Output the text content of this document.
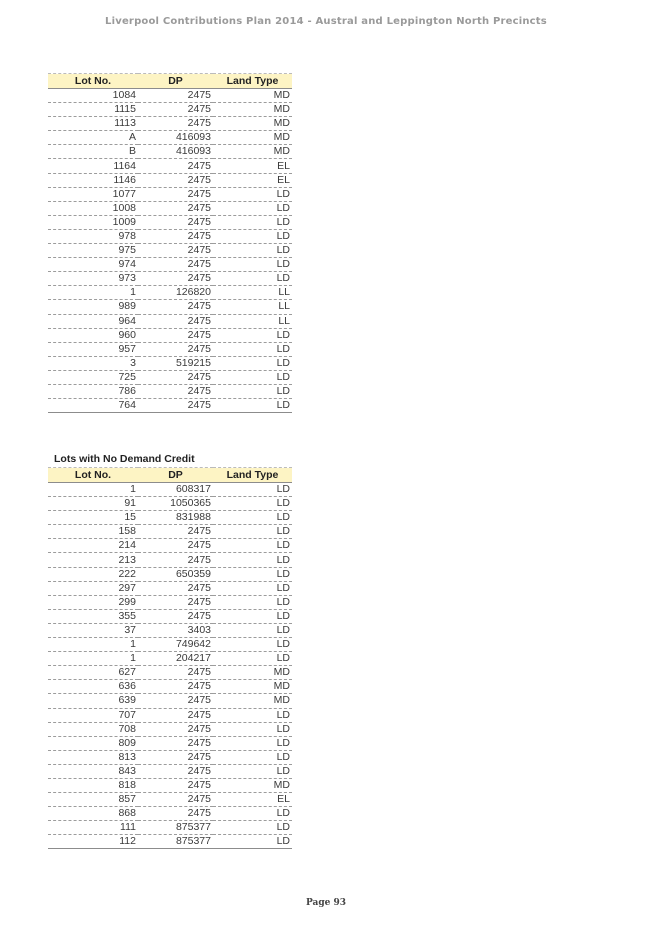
Liverpool Contributions Plan 2014 - Austral and Leppington North Precincts
Lot No.	DP	Land Type
1084	2475	MD
1115	2475	MD
1113	2475	MD
A	416093	MD
B	416093	MD
1164	2475	EL
1146	2475	EL
1077	2475	LD
1008	2475	LD
1009	2475	LD
978	2475	LD
975	2475	LD
974	2475	LD
973	2475	LD
1	126820	LL
989	2475	LL
964	2475	LL
960	2475	LD
957	2475	LD
3	519215	LD
725	2475	LD
786	2475	LD
764	2475	LD
Lots with No Demand Credit
Lot No.	DP	Land Type
1	608317	LD
91	1050365	LD
15	831988	LD
158	2475	LD
214	2475	LD
213	2475	LD
222	650359	LD
297	2475	LD
299	2475	LD
355	2475	LD
37	3403	LD
1	749642	LD
1	204217	LD
627	2475	MD
636	2475	MD
639	2475	MD
707	2475	LD
708	2475	LD
809	2475	LD
813	2475	LD
843	2475	LD
818	2475	MD
857	2475	EL
868	2475	LD
111	875377	LD
112	875377	LD
Page 93
